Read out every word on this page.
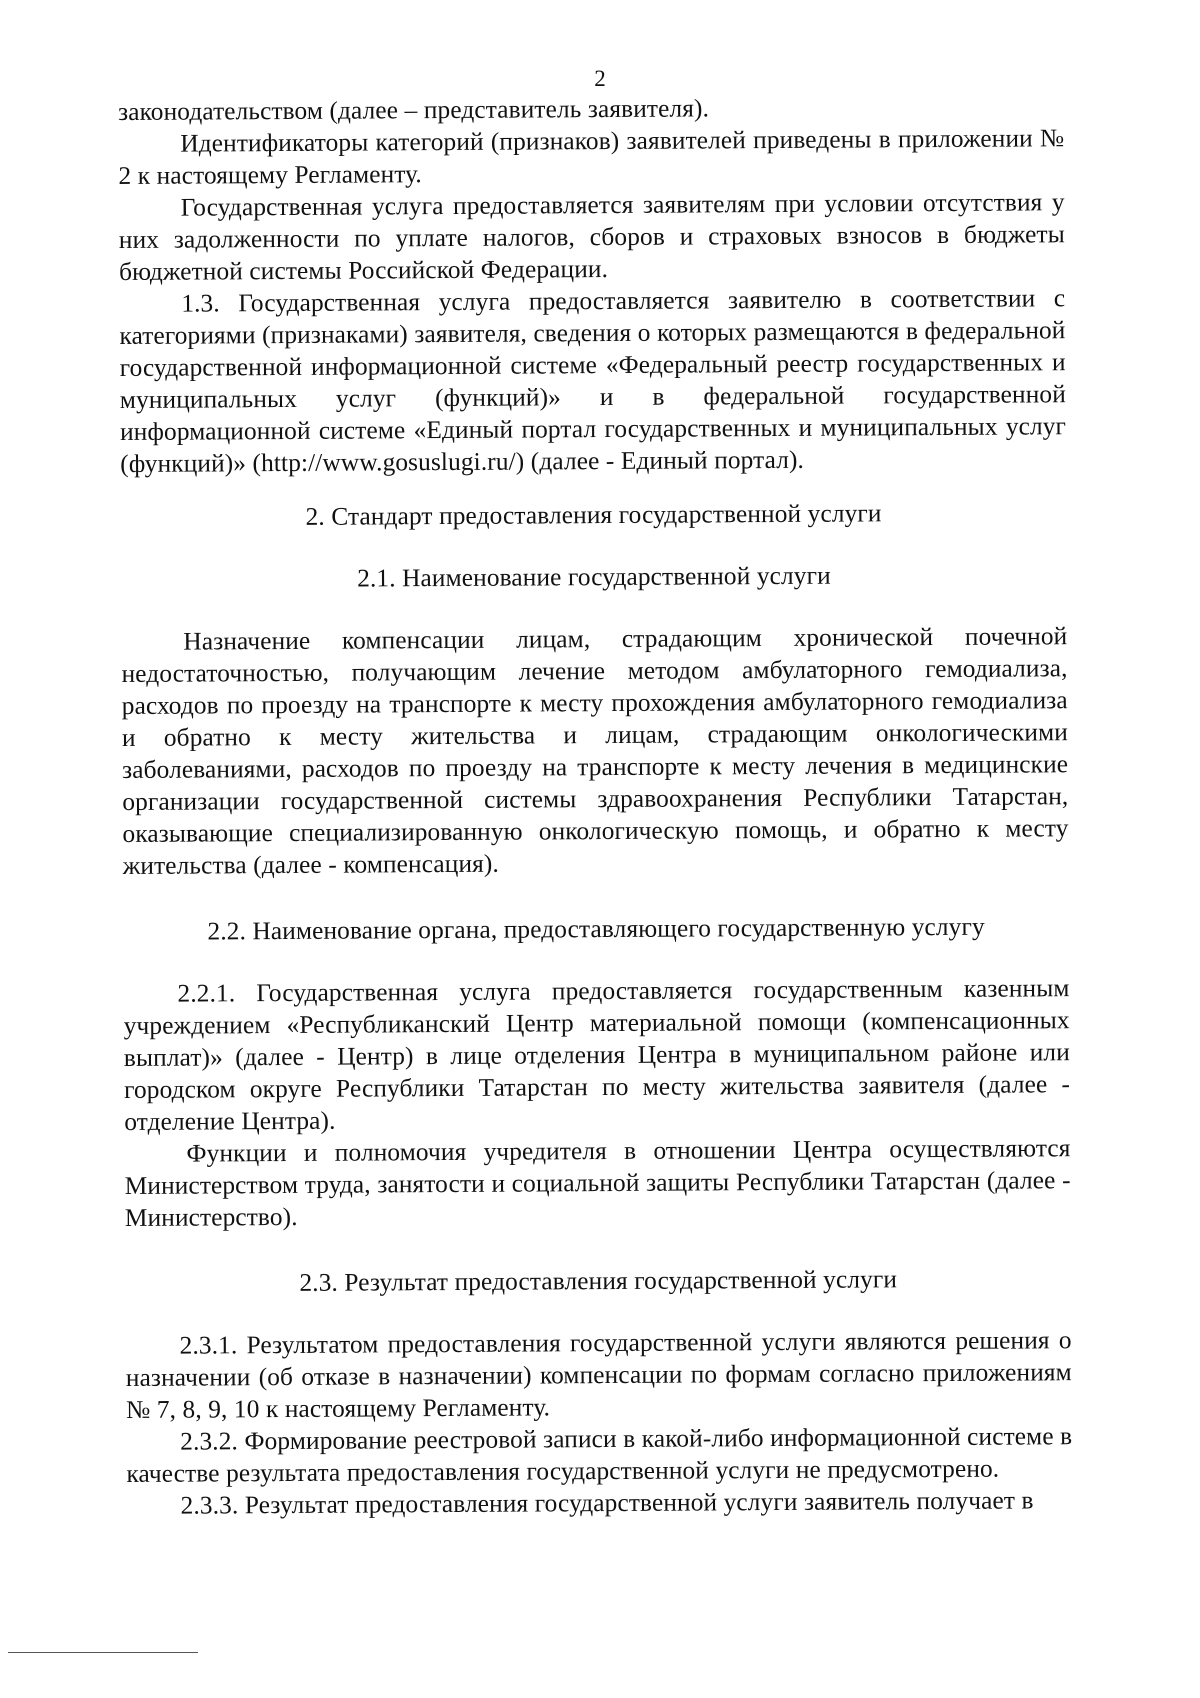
2

законодательством (далее – представитель заявителя).

Идентификаторы категорий (признаков) заявителей приведены в приложении № 2 к настоящему Регламенту.

Государственная услуга предоставляется заявителям при условии отсутствия у них задолженности по уплате налогов, сборов и страховых взносов в бюджеты бюджетной системы Российской Федерации.

1.3. Государственная услуга предоставляется заявителю в соответствии с категориями (признаками) заявителя, сведения о которых размещаются в федеральной государственной информационной системе «Федеральный реестр государственных и муниципальных услуг (функций)» и в федеральной государственной информационной системе «Единый портал государственных и муниципальных услуг (функций)» (http://www.gosuslugi.ru/) (далее - Единый портал).

2. Стандарт предоставления государственной услуги
2.1. Наименование государственной услуги

Назначение компенсации лицам, страдающим хронической почечной недостаточностью, получающим лечение методом амбулаторного гемодиализа, расходов по проезду на транспорте к месту прохождения амбулаторного гемодиализа и обратно к месту жительства и лицам, страдающим онкологическими заболеваниями, расходов по проезду на транспорте к месту лечения в медицинские организации государственной системы здравоохранения Республики Татарстан, оказывающие специализированную онкологическую помощь, и обратно к месту жительства (далее - компенсация).

2.2. Наименование органа, предоставляющего государственную услугу

2.2.1. Государственная услуга предоставляется государственным казенным учреждением «Республиканский Центр материальной помощи (компенсационных выплат)» (далее - Центр) в лице отделения Центра в муниципальном районе или городском округе Республики Татарстан по месту жительства заявителя (далее - отделение Центра).

Функции и полномочия учредителя в отношении Центра осуществляются Министерством труда, занятости и социальной защиты Республики Татарстан (далее - Министерство).

2.3. Результат предоставления государственной услуги

2.3.1. Результатом предоставления государственной услуги являются решения о назначении (об отказе в назначении) компенсации по формам согласно приложениям № 7, 8, 9, 10 к настоящему Регламенту.

2.3.2. Формирование реестровой записи в какой-либо информационной системе в качестве результата предоставления государственной услуги не предусмотрено.

2.3.3. Результат предоставления государственной услуги заявитель получает в
